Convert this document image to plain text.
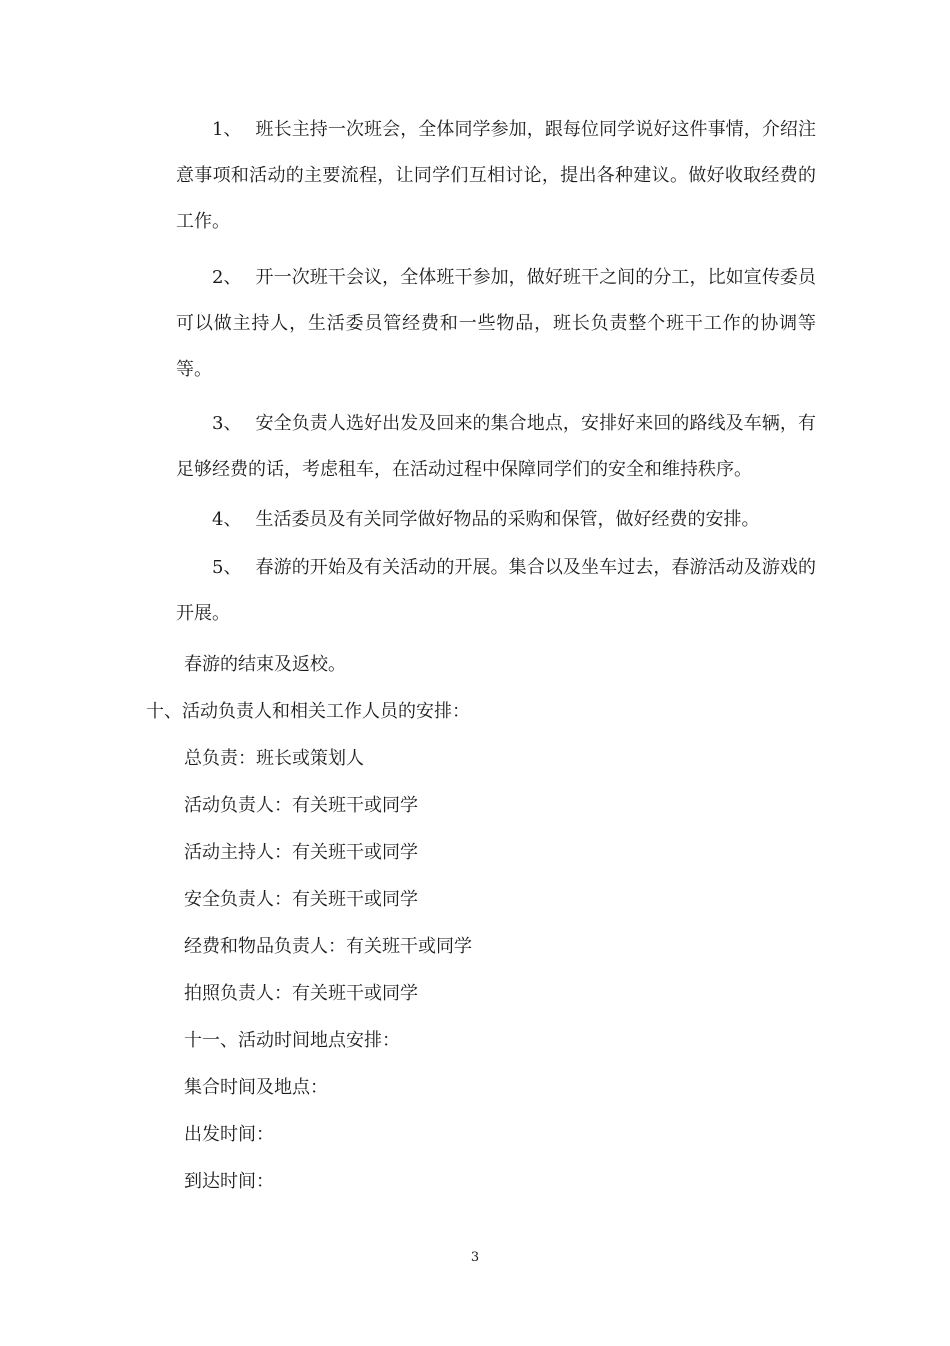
1、 班长主持一次班会，全体同学参加，跟每位同学说好这件事情，介绍注意事项和活动的主要流程，让同学们互相讨论，提出各种建议。做好收取经费的工作。

2、 开一次班干会议，全体班干参加，做好班干之间的分工，比如宣传委员可以做主持人，生活委员管经费和一些物品，班长负责整个班干工作的协调等等。

3、 安全负责人选好出发及回来的集合地点，安排好来回的路线及车辆，有足够经费的话，考虑租车，在活动过程中保障同学们的安全和维持秩序。

4、 生活委员及有关同学做好物品的采购和保管，做好经费的安排。

5、 春游的开始及有关活动的开展。集合以及坐车过去，春游活动及游戏的开展。

春游的结束及返校。

十、活动负责人和相关工作人员的安排：

总负责：班长或策划人

活动负责人：有关班干或同学

活动主持人：有关班干或同学

安全负责人：有关班干或同学

经费和物品负责人：有关班干或同学

拍照负责人：有关班干或同学

十一、活动时间地点安排：

集合时间及地点：

出发时间：

到达时间：

3
